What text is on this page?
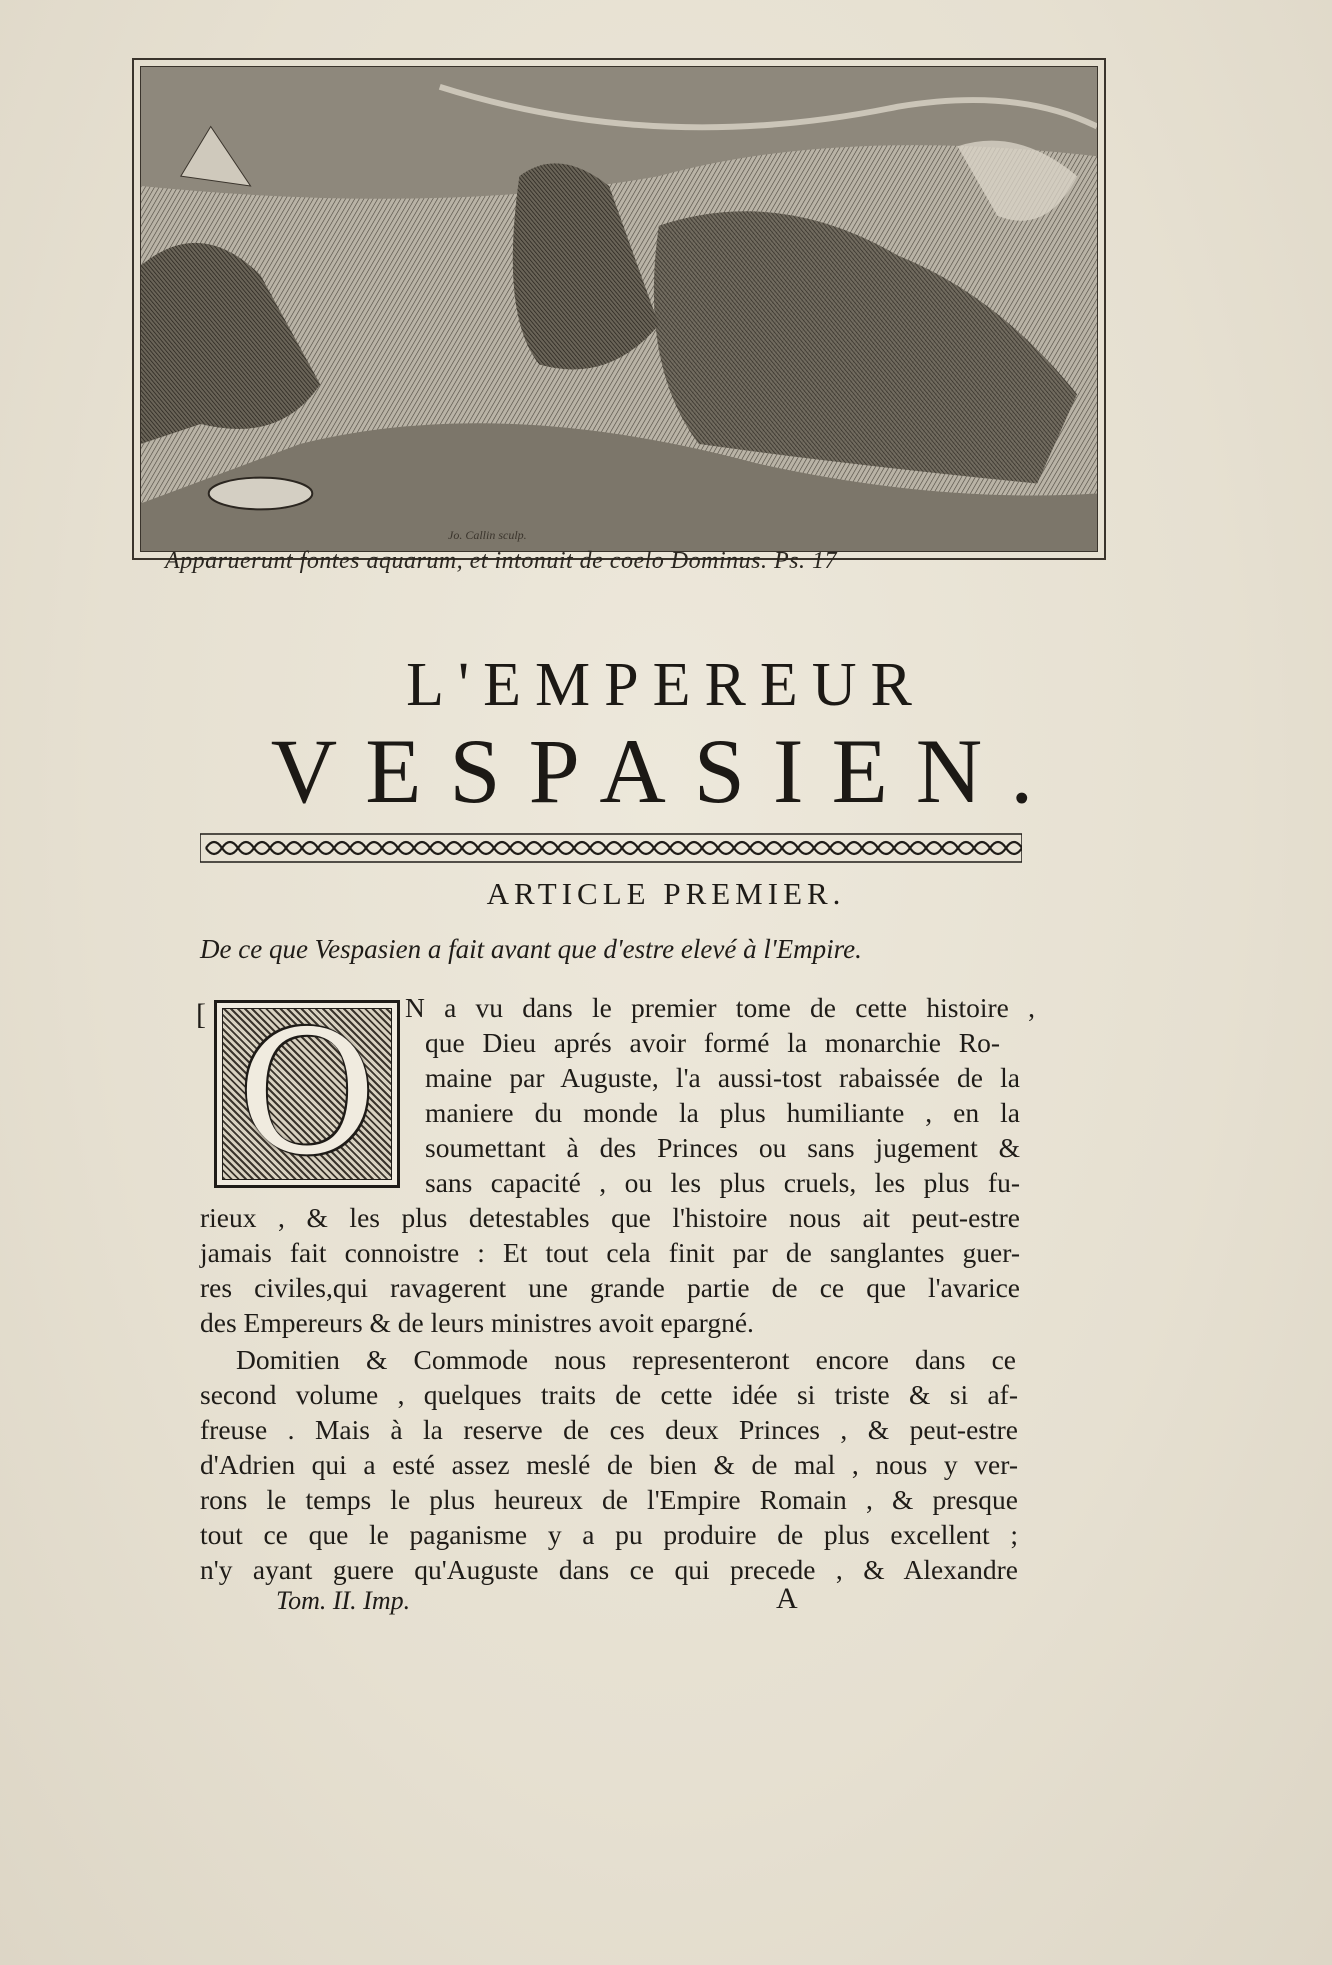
Jo. Callin sculp.
Apparuerunt fontes aquarum, et intonuit de coelo Dominus. Ps. 17
L'EMPEREUR
VESPASIEN.
ARTICLE PREMIER.
De ce que Vespasien a fait avant que d'estre elevé à l'Empire.
[ O	N a vu dans le premier tome de cette histoire ,
que Dieu aprés avoir formé la monarchie Ro-
maine par Auguste, l'a aussi-tost rabaissée de la
maniere du monde la plus humiliante , en la
soumettant à des Princes ou sans jugement &
sans capacité , ou les plus cruels, les plus fu-
rieux , & les plus detestables que l'histoire nous ait peut-estre
jamais fait connoistre : Et tout cela finit par de sanglantes guer-
res civiles,qui ravagerent une grande partie de ce que l'avarice
des Empereurs & de leurs ministres avoit epargné.
Domitien & Commode nous representeront encore dans ce
second volume , quelques traits de cette idée si triste & si af-
freuse . Mais à la reserve de ces deux Princes , & peut-estre
d'Adrien qui a esté assez meslé de bien & de mal , nous y ver-
rons le temps le plus heureux de l'Empire Romain , & presque
tout ce que le paganisme y a pu produire de plus excellent ;
n'y ayant guere qu'Auguste dans ce qui precede , & Alexandre
Tom. II. Imp.	A
